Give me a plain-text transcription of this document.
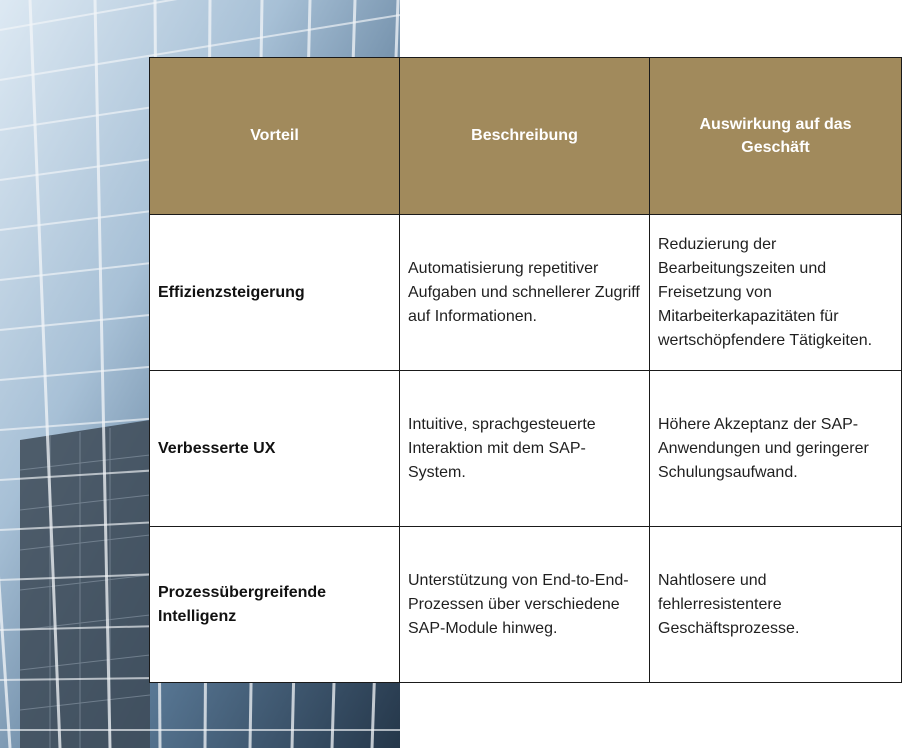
Vorteil	Beschreibung	Auswirkung auf das Geschäft
Effizienzsteigerung	Automatisierung repetitiver Aufgaben und schnellerer Zugriff auf Informationen.	Reduzierung der Bearbeitungszeiten und Freisetzung von Mitarbeiterkapazitäten für wertschöpfendere Tätigkeiten.
Verbesserte UX	Intuitive, sprachgesteuerte Interaktion mit dem SAP-System.	Höhere Akzeptanz der SAP-Anwendungen und geringerer Schulungsaufwand.
Prozessübergreifende Intelligenz	Unterstützung von End-to-End-Prozessen über verschiedene SAP-Module hinweg.	Nahtlosere und fehlerresistentere Geschäftsprozesse.
